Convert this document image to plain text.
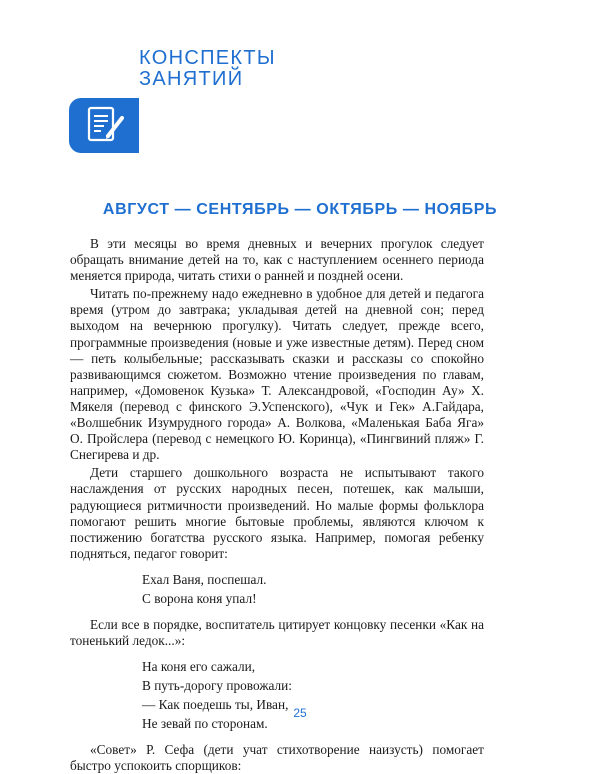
КОНСПЕКТЫ
ЗАНЯТИЙ
АВГУСТ — СЕНТЯБРЬ — ОКТЯБРЬ — НОЯБРЬ

В эти месяцы во время дневных и вечерних прогулок следует обращать внимание детей на то, как с наступлением осеннего периода меняется природа, читать стихи о ранней и поздней осени.

Читать по-прежнему надо ежедневно в удобное для детей и педагога время (утром до завтрака; укладывая детей на дневной сон; перед выходом на вечернюю прогулку). Читать следует, прежде всего, программные произведения (новые и уже известные детям). Перед сном — петь колыбельные; рассказывать сказки и рассказы со спокойно развивающимся сюжетом. Возможно чтение произведения по главам, например, «Домовенок Кузька» Т. Александровой, «Господин Ау» Х. Мякеля (перевод с финского Э.Успенского), «Чук и Гек» А.Гайдара, «Волшебник Изумрудного города» А. Волкова, «Маленькая Баба Яга» О. Пройслера (перевод с немецкого Ю. Коринца), «Пингвиний пляж» Г. Снегирева и др.

Дети старшего дошкольного возраста не испытывают такого наслаждения от русских народных песен, потешек, как малыши, радующиеся ритмичности произведений. Но малые формы фольклора помогают решить многие бытовые проблемы, являются ключом к постижению богатства русского языка. Например, помогая ребенку подняться, педагог говорит:

Ехал Ваня, поспешал.
С ворона коня упал!

Если все в порядке, воспитатель цитирует концовку песенки «Как на тоненький ледок...»:

На коня его сажали,
В путь-дорогу провожали:
— Как поедешь ты, Иван,
Не зевай по сторонам.

«Совет» Р. Сефа (дети учат стихотворение наизусть) помогает быстро успокоить спорщиков:

25
